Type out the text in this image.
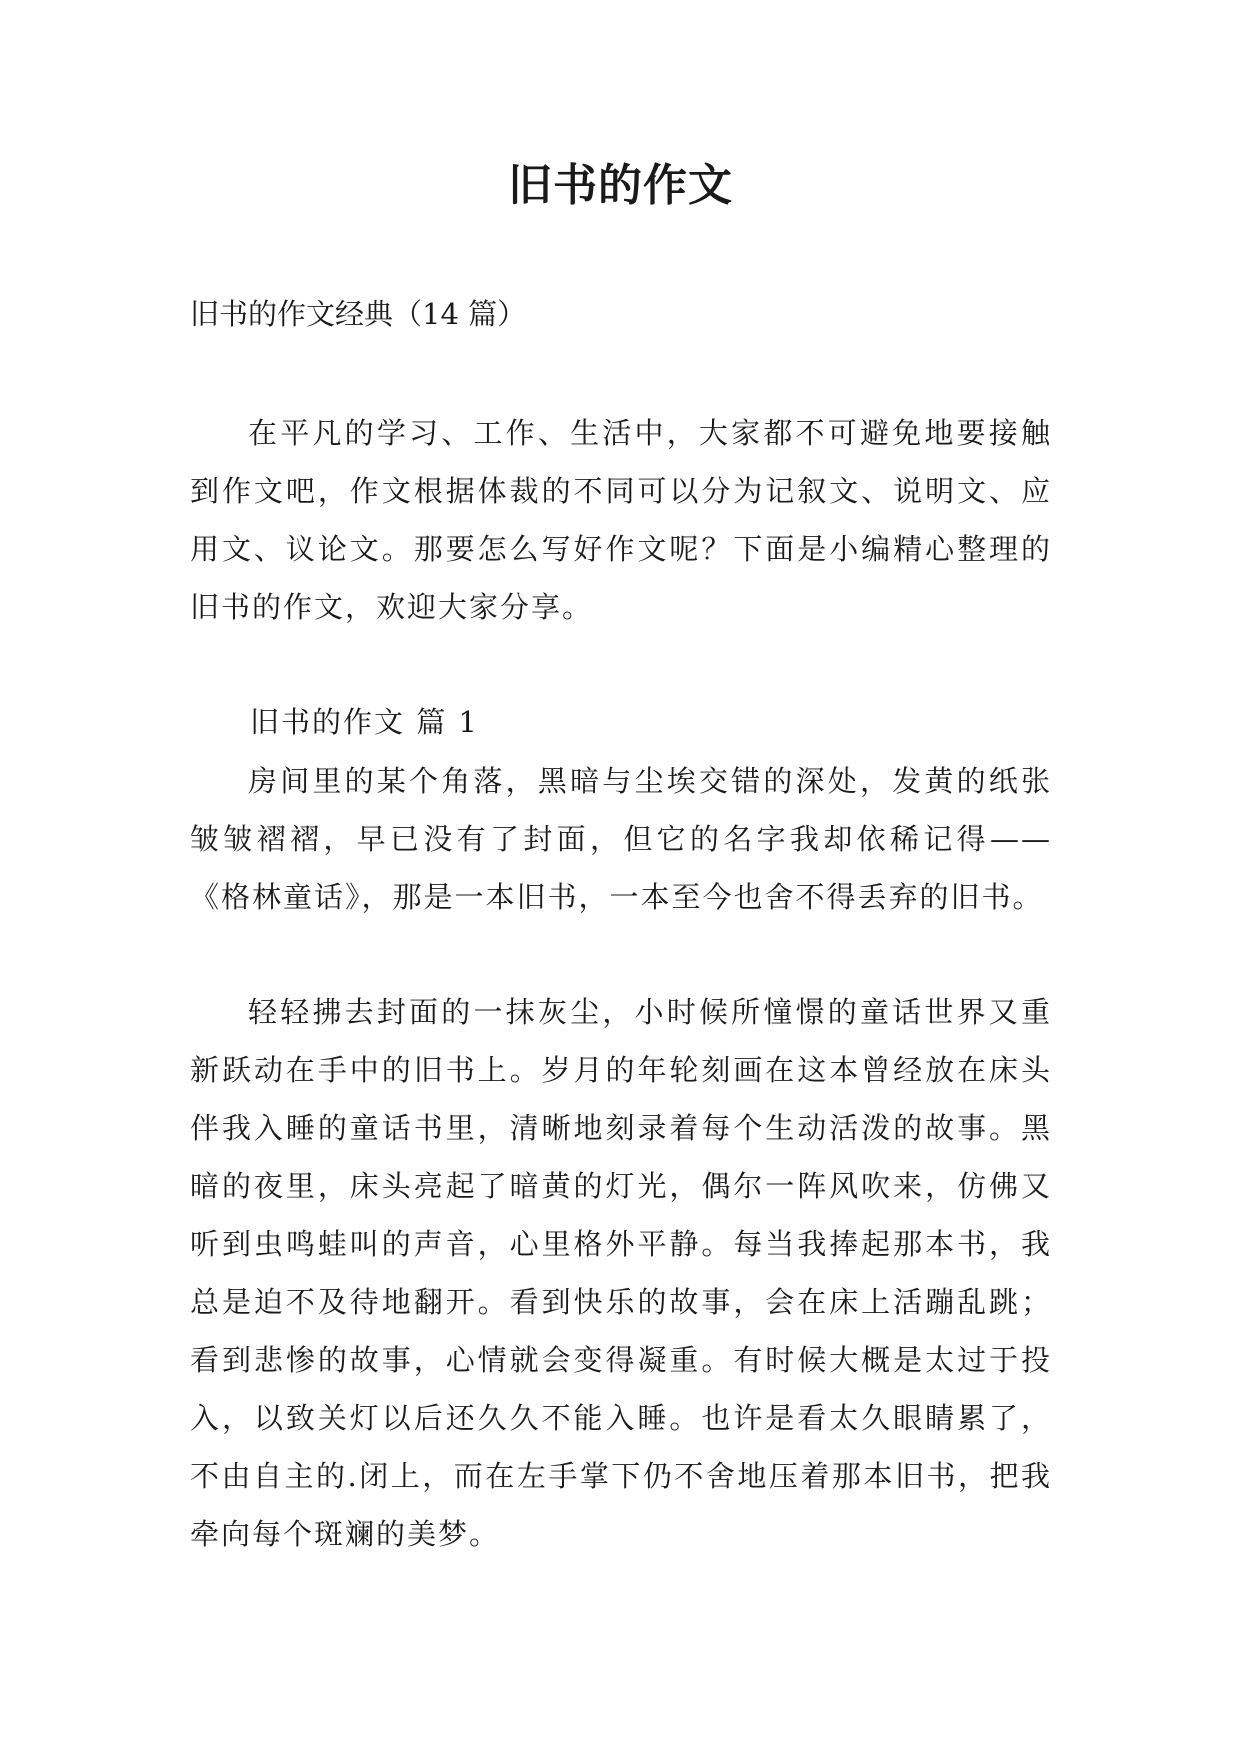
旧书的作文

旧书的作文经典（14 篇）

在平凡的学习、工作、生活中，大家都不可避免地要接触到作文吧，作文根据体裁的不同可以分为记叙文、说明文、应用文、议论文。那要怎么写好作文呢？下面是小编精心整理的旧书的作文，欢迎大家分享。

旧书的作文 篇 1

房间里的某个角落，黑暗与尘埃交错的深处，发黄的纸张皱皱褶褶，早已没有了封面，但它的名字我却依稀记得——《格林童话》，那是一本旧书，一本至今也舍不得丢弃的旧书。

轻轻拂去封面的一抹灰尘，小时候所憧憬的童话世界又重新跃动在手中的旧书上。岁月的年轮刻画在这本曾经放在床头伴我入睡的童话书里，清晰地刻录着每个生动活泼的故事。黑暗的夜里，床头亮起了暗黄的灯光，偶尔一阵风吹来，仿佛又听到虫鸣蛙叫的声音，心里格外平静。每当我捧起那本书，我总是迫不及待地翻开。看到快乐的故事，会在床上活蹦乱跳；看到悲惨的故事，心情就会变得凝重。有时候大概是太过于投入，以致关灯以后还久久不能入睡。也许是看太久眼睛累了，不由自主的.闭上，而在左手掌下仍不舍地压着那本旧书，把我牵向每个斑斓的美梦。
